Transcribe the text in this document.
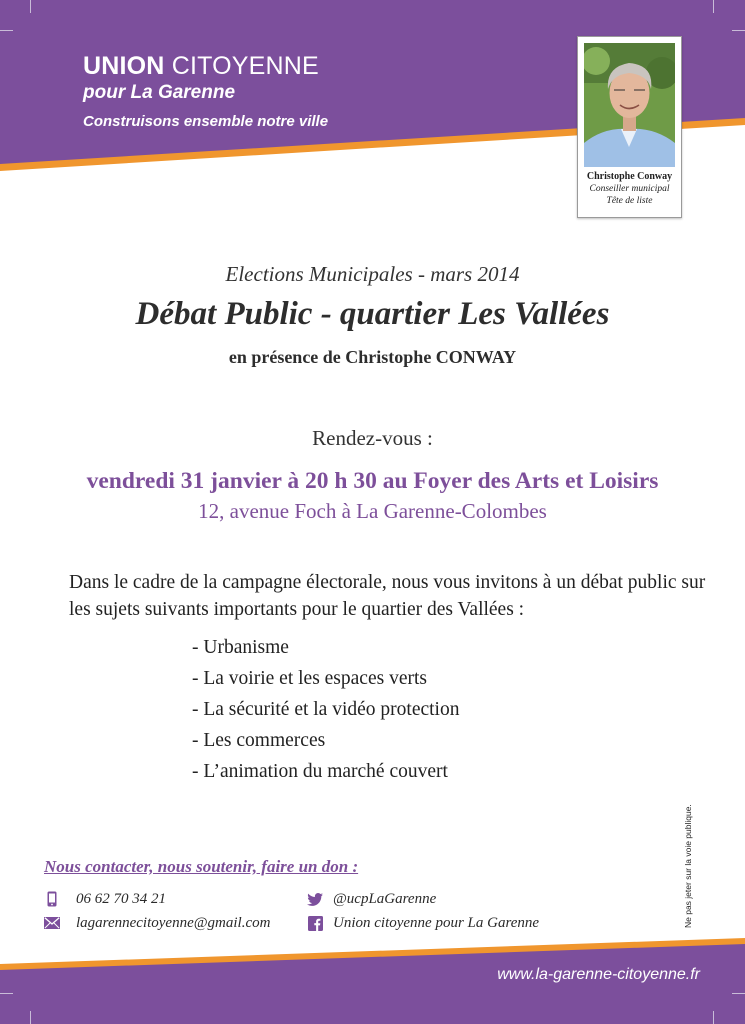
UNION CITOYENNE
pour La Garenne
Construisons ensemble notre ville
Christophe Conway
Conseiller municipal
Tête de liste
Elections Municipales - mars 2014
Débat Public - quartier Les Vallées
en présence de Christophe CONWAY
Rendez-vous :
vendredi 31 janvier à 20 h 30 au Foyer des Arts et Loisirs
12, avenue Foch à La Garenne-Colombes

Dans le cadre de la campagne électorale, nous vous invitons à un débat public sur les sujets suivants importants pour le quartier des Vallées :

- Urbanisme
- La voirie et les espaces verts
- La sécurité et la vidéo protection
- Les commerces
- L’animation du marché couvert
Ne pas jeter sur la voie publique.
Nous contacter, nous soutenir, faire un don :
06 62 70 34 21
lagarennecitoyenne@gmail.com
@ucpLaGarenne
Union citoyenne pour La Garenne
www.la-garenne-citoyenne.fr
